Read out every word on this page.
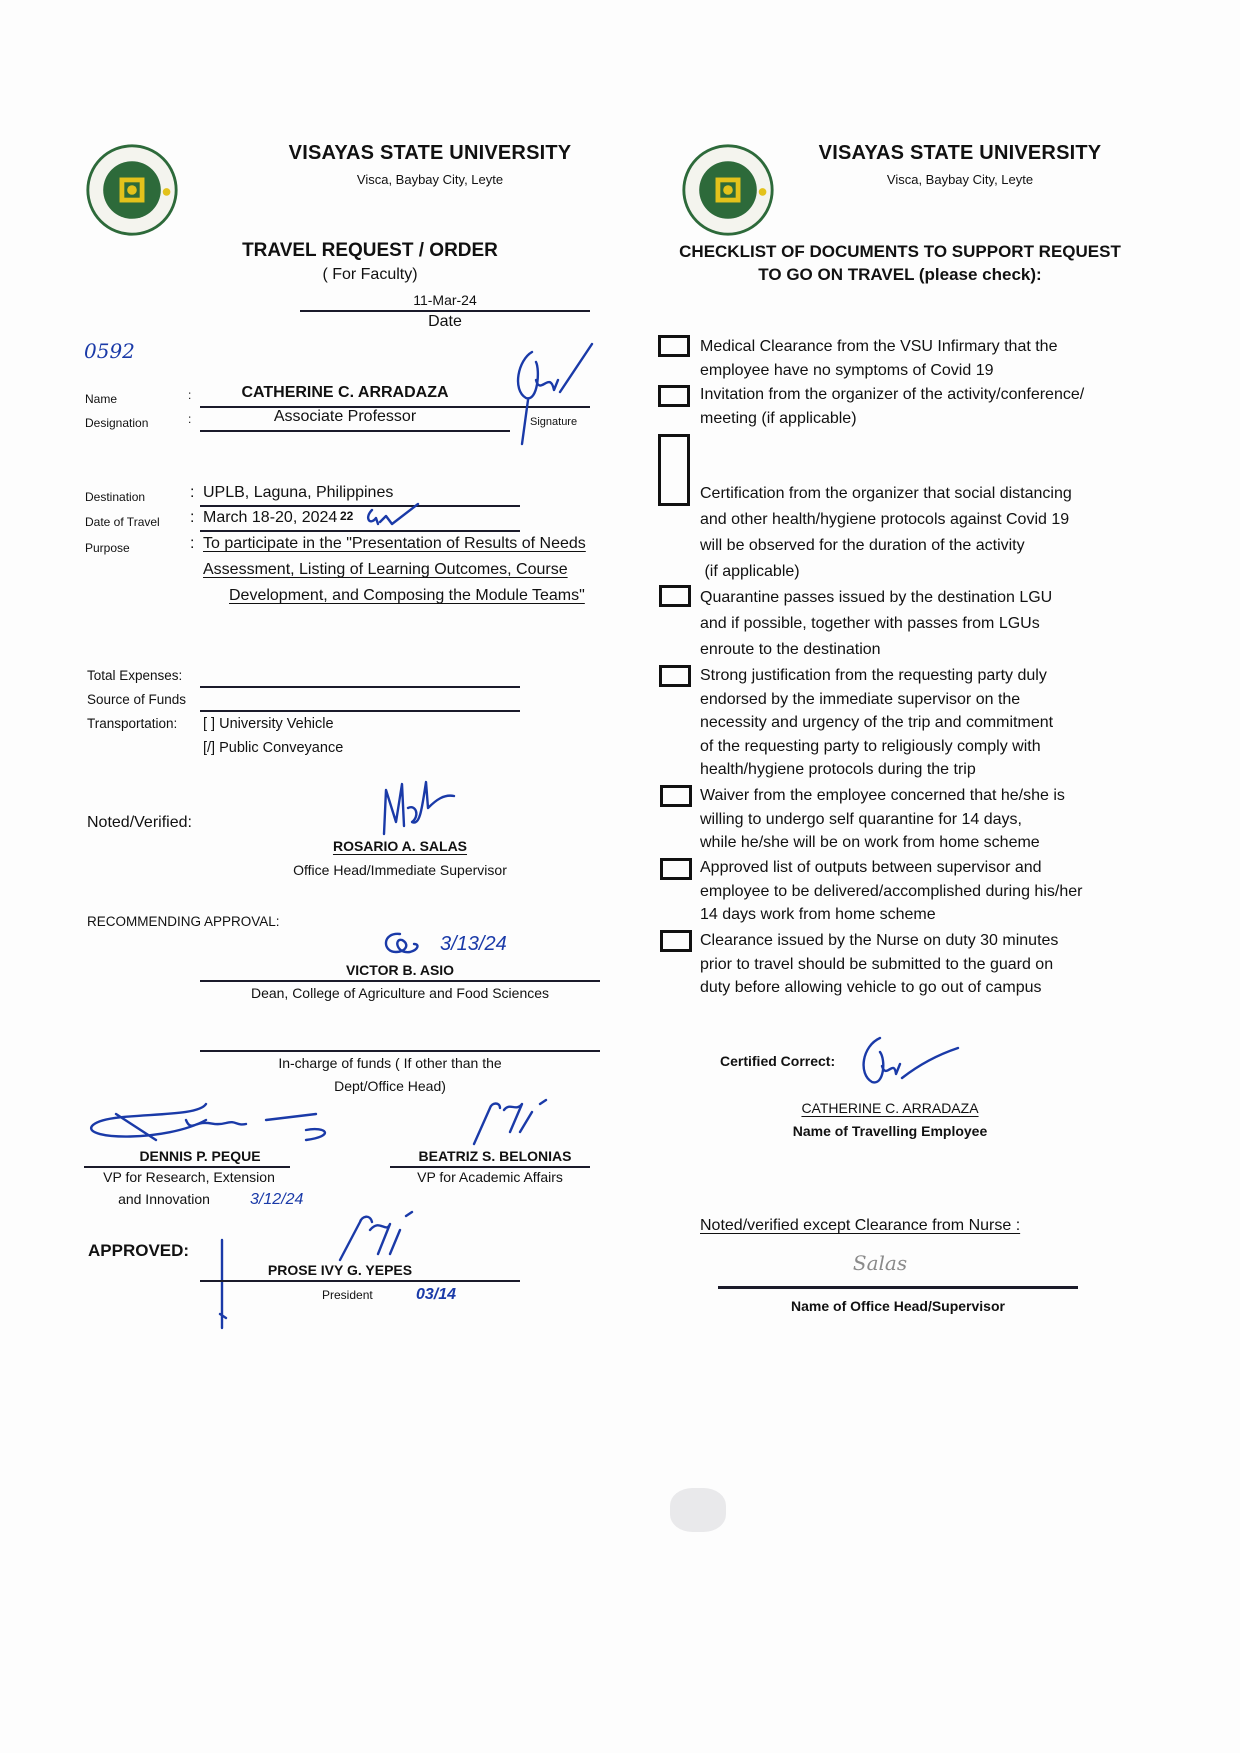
VISAYAS STATE UNIVERSITY
Visca, Baybay City, Leyte
TRAVEL REQUEST / ORDER
( For Faculty)
11-Mar-24
Date
0592
Name	:	CATHERINE C. ARRADAZA
Designation	:	Associate Professor	Signature
Destination	: UPLB, Laguna, Philippines
Date of Travel : March 18-20, 2024 22
Purpose	: To participate in the "Presentation of Results of Needs
Assessment, Listing of Learning Outcomes, Course
Development, and Composing the Module Teams"
Total Expenses:
Source of Funds
Transportation: [ ] University Vehicle
[/] Public Conveyance
Noted/Verified:
ROSARIO A. SALAS
Office Head/Immediate Supervisor
RECOMMENDING APPROVAL:
3/13/24
VICTOR B. ASIO
Dean, College of Agriculture and Food Sciences
In-charge of funds ( If other than the
Dept/Office Head)
DENNIS P. PEQUE
VP for Research, Extension
and Innovation	3/12/24
BEATRIZ S. BELONIAS
VP for Academic Affairs
APPROVED:
PROSE IVY G. YEPES
President	03/14
VISAYAS STATE UNIVERSITY
Visca, Baybay City, Leyte
CHECKLIST OF DOCUMENTS TO SUPPORT REQUEST
TO GO ON TRAVEL (please check):
Medical Clearance from the VSU Infirmary that the
employee have no symptoms of Covid 19
Invitation from the organizer of the activity/conference/
meeting (if applicable)
Certification from the organizer that social distancing
and other health/hygiene protocols against Covid 19
will be observed for the duration of the activity
(if applicable)
Quarantine passes issued by the destination LGU
and if possible, together with passes from LGUs
enroute to the destination
Strong justification from the requesting party duly
endorsed by the immediate supervisor on the
necessity and urgency of the trip and commitment
of the requesting party to religiously comply with
health/hygiene protocols during the trip
Waiver from the employee concerned that he/she is
willing to undergo self quarantine for 14 days,
while he/she will be on work from home scheme
Approved list of outputs between supervisor and
employee to be delivered/accomplished during his/her
14 days work from home scheme
Clearance issued by the Nurse on duty 30 minutes
prior to travel should be submitted to the guard on
duty before allowing vehicle to go out of campus
Certified Correct:
CATHERINE C. ARRADAZA
Name of Travelling Employee
Noted/verified except Clearance from Nurse :
Salas
Name of Office Head/Supervisor
